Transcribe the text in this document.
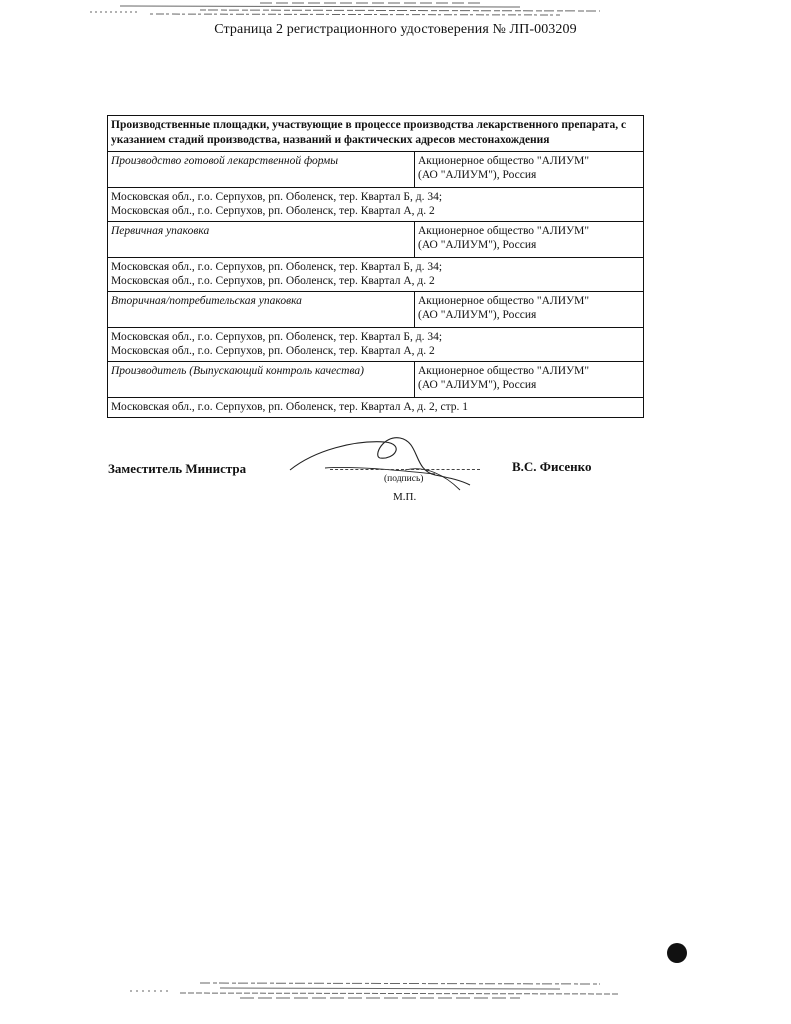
Страница 2 регистрационного удостоверения № ЛП-003209
Производственные площадки, участвующие в процессе производства лекарственного препарата, с указанием стадий производства, названий и фактических адресов местонахождения	
Производство готовой лекарственной формы	Акционерное общество "АЛИУМ"
(АО "АЛИУМ"), Россия

Московская обл., г.о. Серпухов, рп. Оболенск, тер. Квартал Б, д. 34;
Московская обл., г.о. Серпухов, рп. Оболенск, тер. Квартал А, д. 2	

Первичная упаковка	Акционерное общество "АЛИУМ"
(АО "АЛИУМ"), Россия

Московская обл., г.о. Серпухов, рп. Оболенск, тер. Квартал Б, д. 34;
Московская обл., г.о. Серпухов, рп. Оболенск, тер. Квартал А, д. 2	

Вторичная/потребительская упаковка	Акционерное общество "АЛИУМ"
(АО "АЛИУМ"), Россия

Московская обл., г.о. Серпухов, рп. Оболенск, тер. Квартал Б, д. 34;
Московская обл., г.о. Серпухов, рп. Оболенск, тер. Квартал А, д. 2	

Производитель (Выпускающий контроль качества)	Акционерное общество "АЛИУМ"
(АО "АЛИУМ"), Россия

Московская обл., г.о. Серпухов, рп. Оболенск, тер. Квартал А, д. 2, стр. 1	
Заместитель Министра
(подпись)
М.П.
В.С. Фисенко
